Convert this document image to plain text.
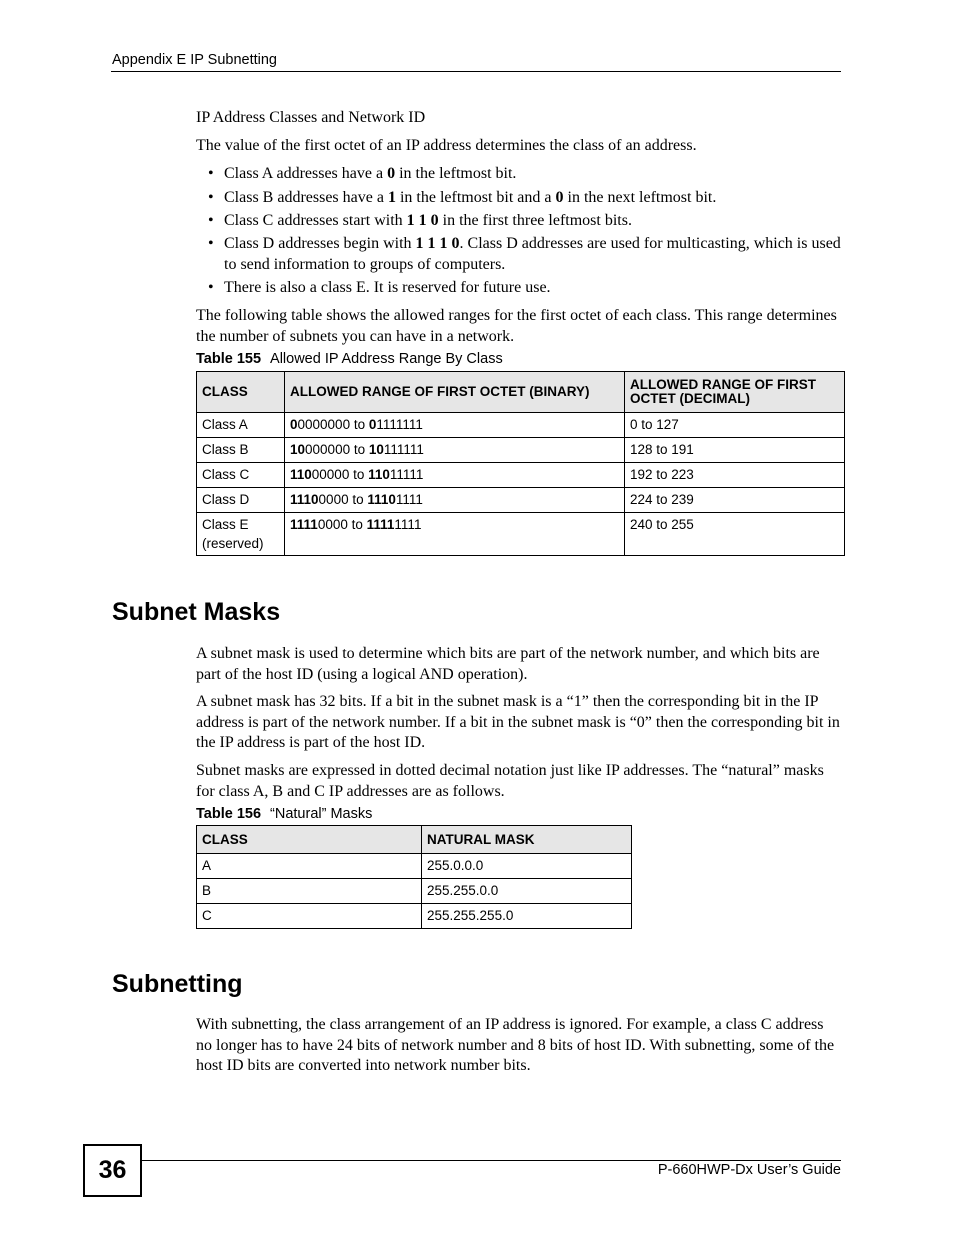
Appendix E IP Subnetting
IP Address Classes and Network ID
The value of the first octet of an IP address determines the class of an address.
• Class A addresses have a 0 in the leftmost bit.
• Class B addresses have a 1 in the leftmost bit and a 0 in the next leftmost bit.
• Class C addresses start with 1 1 0 in the first three leftmost bits.
• Class D addresses begin with 1 1 1 0. Class D addresses are used for multicasting, which is used to send information to groups of computers.
• There is also a class E. It is reserved for future use.
The following table shows the allowed ranges for the first octet of each class. This range determines the number of subnets you can have in a network.
Table 155 Allowed IP Address Range By Class
CLASS	ALLOWED RANGE OF FIRST OCTET (BINARY)	ALLOWED RANGE OF FIRST OCTET (DECIMAL)
Class A	00000000 to 01111111	0 to 127
Class B	10000000 to 10111111	128 to 191
Class C	11000000 to 11011111	192 to 223
Class D	11100000 to 11101111	224 to 239
Class E (reserved)	11110000 to 11111111	240 to 255
Subnet Masks
A subnet mask is used to determine which bits are part of the network number, and which bits are part of the host ID (using a logical AND operation).
A subnet mask has 32 bits. If a bit in the subnet mask is a “1” then the corresponding bit in the IP address is part of the network number. If a bit in the subnet mask is “0” then the corresponding bit in the IP address is part of the host ID.
Subnet masks are expressed in dotted decimal notation just like IP addresses. The “natural” masks for class A, B and C IP addresses are as follows.
Table 156 “Natural” Masks
CLASS	NATURAL MASK
A	255.0.0.0
B	255.255.0.0
C	255.255.255.0
Subnetting
With subnetting, the class arrangement of an IP address is ignored. For example, a class C address no longer has to have 24 bits of network number and 8 bits of host ID. With subnetting, some of the host ID bits are converted into network number bits.
36	P-660HWP-Dx User’s Guide
